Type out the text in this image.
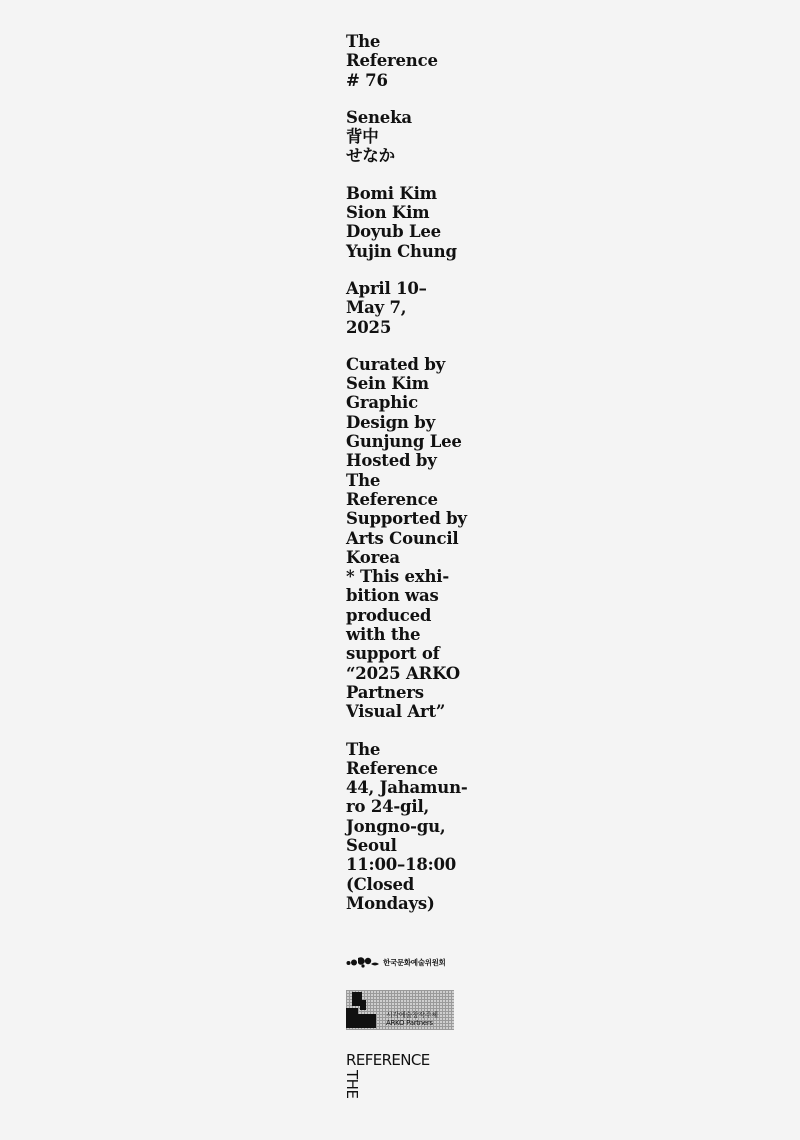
The
Reference
# 76
Seneka
背中
せなか
Bomi Kim
Sion Kim
Doyub Lee
Yujin Chung
April 10–
May 7,
2025
Curated by
Sein Kim
Graphic
Design by
Gunjung Lee
Hosted by
The
Reference
Supported by
Arts Council
Korea
* This exhi-
bition was
produced
with the
support of
“2025 ARKO
Partners
Visual Art”
The
Reference
44, Jahamun-
ro 24-gil,
Jongno-gu,
Seoul
11:00–18:00
(Closed
Mondays)
한국문화예술위원회
시각예술창작주체
ARKO Partners
REFERENCE
THE
